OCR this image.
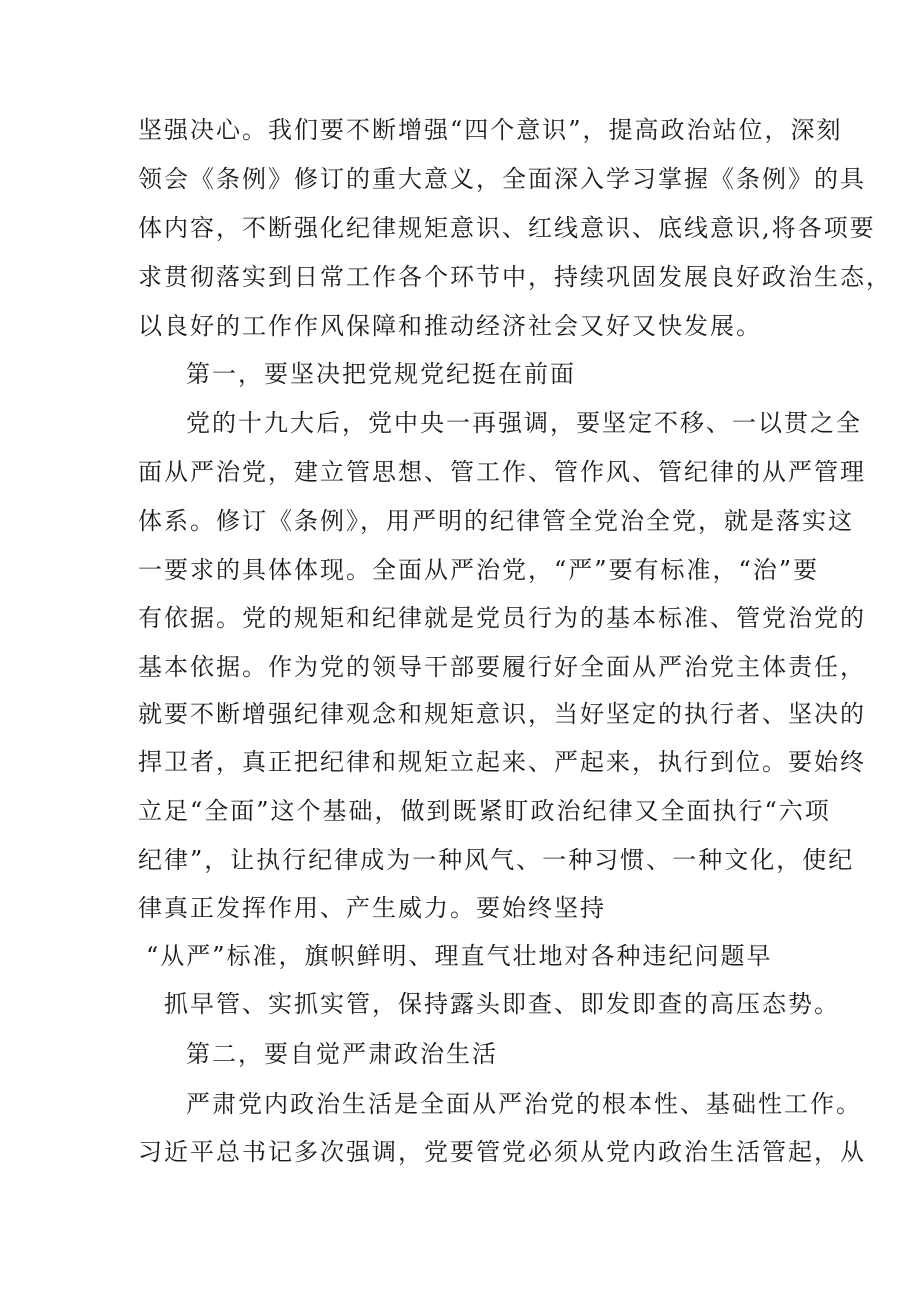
坚强决心。我们要不断增强“四个意识”，提高政治站位，深刻
领会《条例》修订的重大意义，全面深入学习掌握《条例》的具
体内容，不断强化纪律规矩意识、红线意识、底线意识,将各项要
求贯彻落实到日常工作各个环节中，持续巩固发展良好政治生态，
以良好的工作作风保障和推动经济社会又好又快发展。
第一，要坚决把党规党纪挺在前面
党的十九大后，党中央一再强调，要坚定不移、一以贯之全
面从严治党，建立管思想、管工作、管作风、管纪律的从严管理
体系。修订《条例》，用严明的纪律管全党治全党，就是落实这
一要求的具体体现。全面从严治党，“严”要有标准，“治”要
有依据。党的规矩和纪律就是党员行为的基本标准、管党治党的
基本依据。作为党的领导干部要履行好全面从严治党主体责任，
就要不断增强纪律观念和规矩意识，当好坚定的执行者、坚决的
捍卫者，真正把纪律和规矩立起来、严起来，执行到位。要始终
立足“全面”这个基础，做到既紧盯政治纪律又全面执行“六项
纪律”，让执行纪律成为一种风气、一种习惯、一种文化，使纪
律真正发挥作用、产生威力。要始终坚持
“从严”标准，旗帜鲜明、理直气壮地对各种违纪问题早
抓早管、实抓实管，保持露头即查、即发即查的高压态势。
第二，要自觉严肃政治生活
严肃党内政治生活是全面从严治党的根本性、基础性工作。
习近平总书记多次强调，党要管党必须从党内政治生活管起，从
